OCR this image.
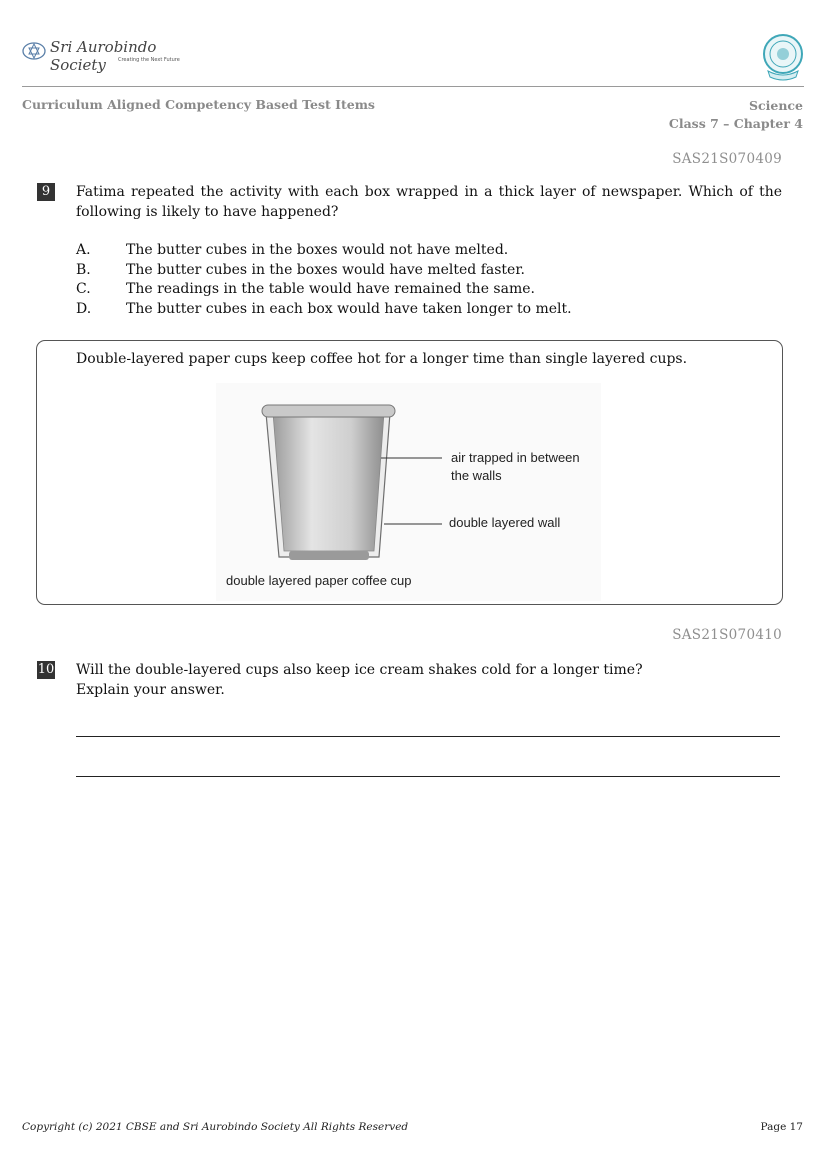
Sri Aurobindo Society	Creating the Next Future
Curriculum Aligned Competency Based Test Items	Science
Class 7 – Chapter 4
SAS21S070409
9	Fatima repeated the activity with each box wrapped in a thick layer of newspaper. Which of the following is likely to have happened?
A.	The butter cubes in the boxes would not have melted.
B.	The butter cubes in the boxes would have melted faster.
C.	The readings in the table would have remained the same.
D. The butter cubes in each box would have taken longer to melt.
Double-layered paper cups keep coffee hot for a longer time than single layered cups.
air trapped in between
the walls
double layered wall
double layered paper coffee cup
SAS21S070410
10 Will the double-layered cups also keep ice cream shakes cold for a longer time?
Explain your answer.
Copyright (c) 2021 CBSE and Sri Aurobindo Society All Rights Reserved	Page 17
